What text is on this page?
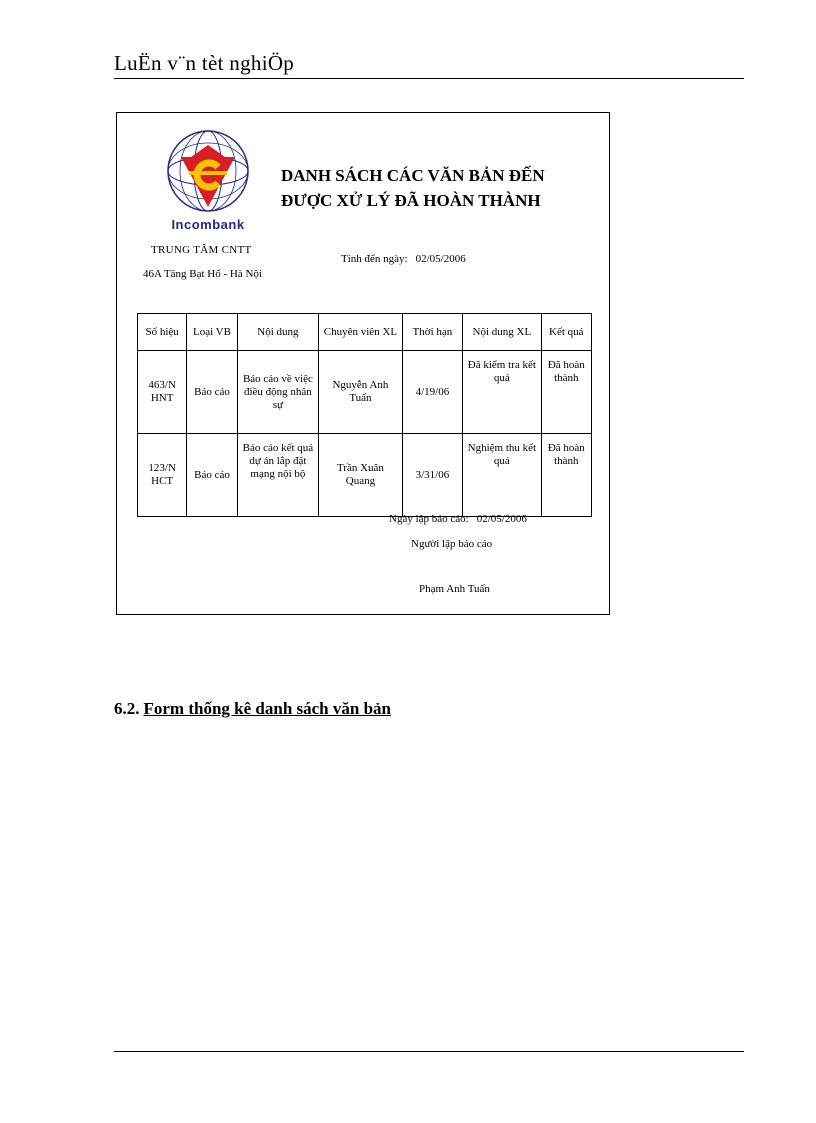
LuËn v¨n tèt nghiÖp
Incombank
DANH SÁCH CÁC VĂN BẢN ĐẾN
ĐƯỢC XỬ LÝ ĐÃ HOÀN THÀNH
TRUNG TÂM CNTT
46A Tăng Bạt Hổ - Hà Nội
Tính đến ngày: 02/05/2006
Số hiệu	Loại VB	Nội dung	Chuyên viên XL	Thời hạn	Nội dung XL	Kết quả
463/N HNT	Báo cáo	Báo cáo về việc điều động nhân sự	Nguyễn Anh Tuấn	4/19/06	Đã kiểm tra kết quả	Đã hoàn thành
123/N HCT	Báo cáo	Báo cáo kết quả dự án lắp đặt mạng nội bộ	Trần Xuân Quang	3/31/06	Nghiệm thu kết quả	Đã hoàn thành
Ngày lập báo cáo: 02/05/2006
Người lập báo cáo
Phạm Anh Tuấn
6.2. Form thống kê danh sách văn bản
